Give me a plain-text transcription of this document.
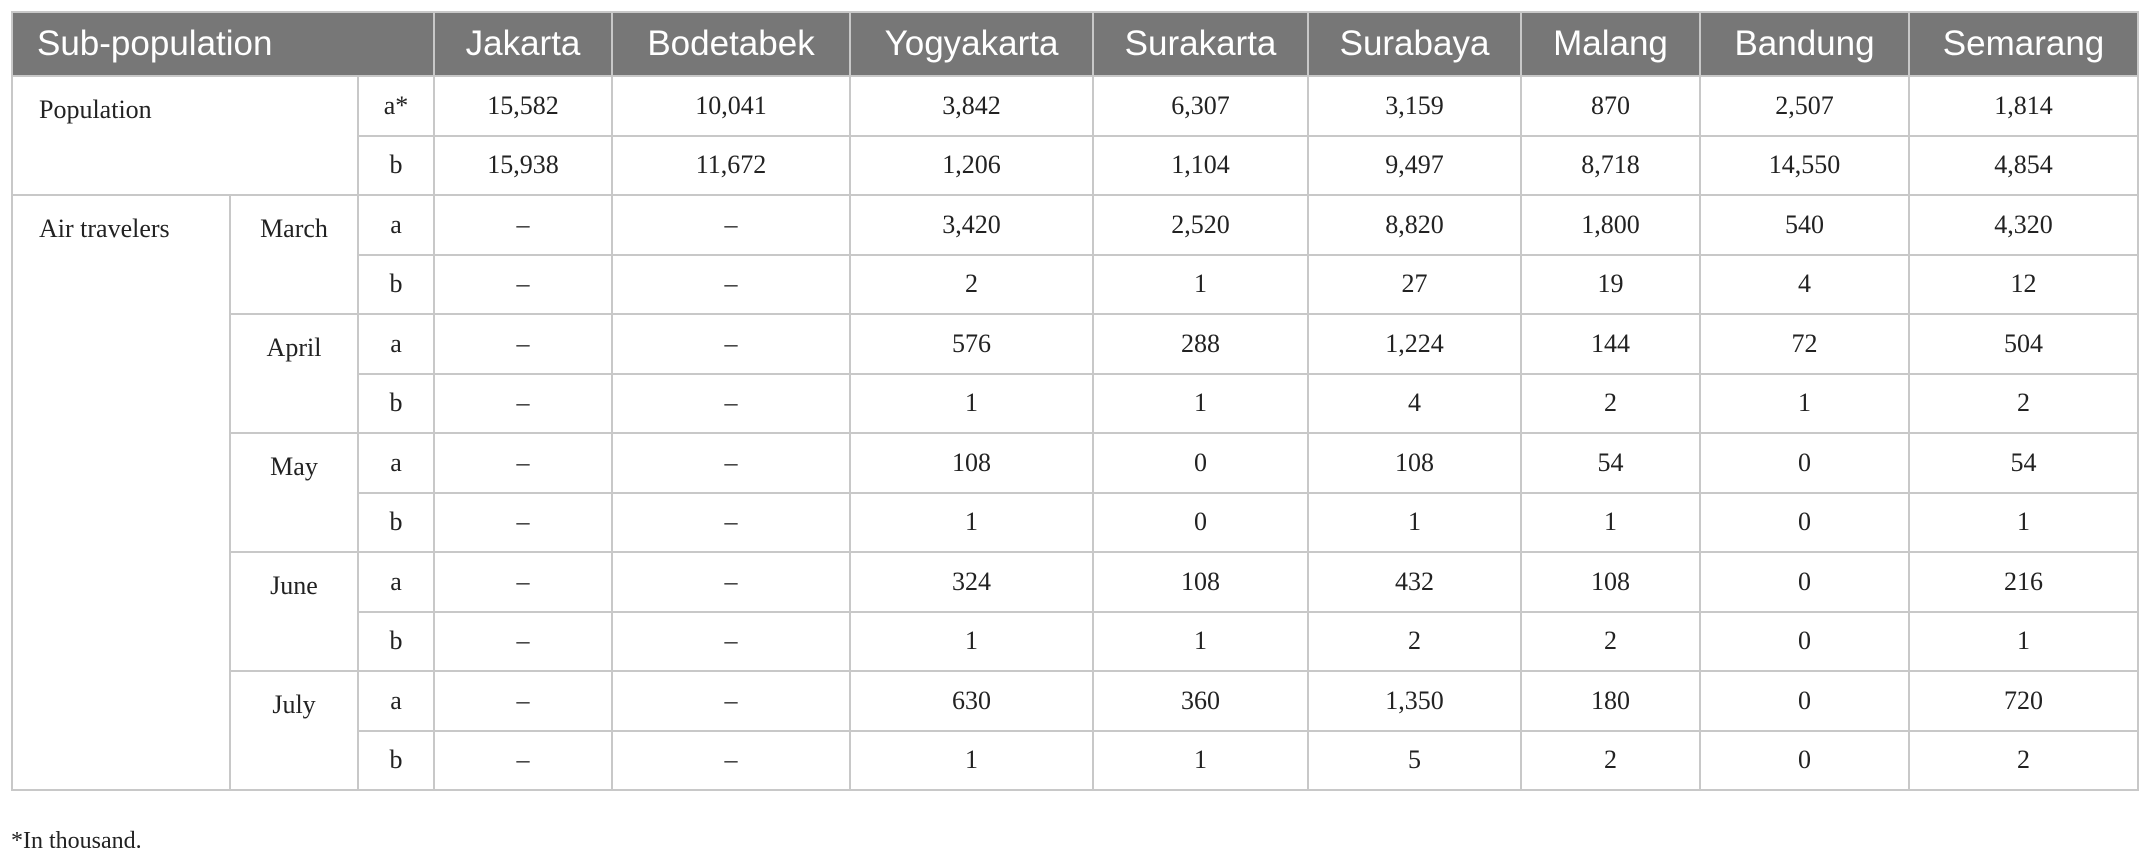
Sub-population			Jakarta	Bodetabek	Yogyakarta	Surakarta	Surabaya	Malang	Bandung	Semarang
Population		a*	15,582	10,041	3,842	6,307	3,159	870	2,507	1,814
		b	15,938	11,672	1,206	1,104	9,497	8,718	14,550	4,854
Air travelers	March	a	–	–	3,420	2,520	8,820	1,800	540	4,320
		b	–	–	2	1	27	19	4	12
	April	a	–	–	576	288	1,224	144	72	504
		b	–	–	1	1	4	2	1	2
	May	a	–	–	108	0	108	54	0	54
		b	–	–	1	0	1	1	0	1
	June	a	–	–	324	108	432	108	0	216
		b	–	–	1	1	2	2	0	1
	July	a	–	–	630	360	1,350	180	0	720
		b	–	–	1	1	5	2	0	2
*In thousand.
